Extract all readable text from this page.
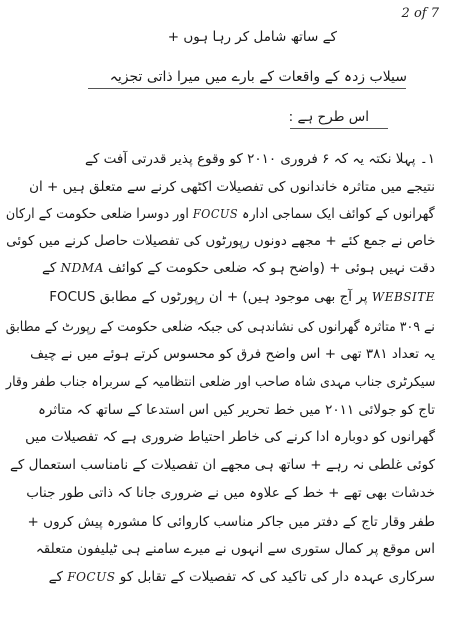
2 of 7
کے ساتھ شامل کر رہا ہوں +
سیلاب زدہ کے واقعات کے بارے میں میرا ذاتی تجزیہ
اس طرح ہے :
۱۔ پہلا نکتہ یہ کہ ۶ فروری ۲۰۱۰ کو وقوع پذیر قدرتی آفت کے
نتیجے میں متاثرہ خاندانوں کی تفصیلات اکٹھی کرنے سے متعلق ہیں + ان
گھرانوں کے کوائف ایک سماجی ادارہ FOCUS اور دوسرا ضلعی حکومت کے ارکان
خاص نے جمع کئے + مجھے دونوں رپورٹوں کی تفصیلات حاصل کرنے میں کوئی
دقت نہیں ہوئی + (واضح ہو کہ ضلعی حکومت کے کوائف NDMA کے
WEBSITE پر آج بھی موجود ہیں) + ان رپورٹوں کے مطابق FOCUS
نے ۳۰۹ متاثرہ گھرانوں کی نشاندہی کی جبکہ ضلعی حکومت کے رپورٹ کے مطابق
یہ تعداد ۳۸۱ تھی + اس واضح فرق کو محسوس کرتے ہوئے میں نے چیف
سیکرٹری جناب مہدی شاہ صاحب اور ضلعی انتظامیہ کے سربراہ جناب طفر وقار
تاج کو جولائی ۲۰۱۱ میں خط تحریر کیں اس استدعا کے ساتھ کہ متاثرہ
گھرانوں کو دوبارہ ادا کرنے کی خاطر احتیاط ضروری ہے کہ تفصیلات میں
کوئی غلطی نہ رہے + ساتھ ہی مجھے ان تفصیلات کے نامناسب استعمال کے
خدشات بھی تھے + خط کے علاوہ میں نے ضروری جانا کہ ذاتی طور جناب
طفر وقار تاج کے دفتر میں جاکر مناسب کاروائی کا مشورہ پیش کروں +
اس موقع پر کمال ستوری سے انہوں نے میرے سامنے ہی ٹیلیفون متعلقہ
سرکاری عہدہ دار کی تاکید کی کہ تفصیلات کے تقابل کو FOCUS کے
